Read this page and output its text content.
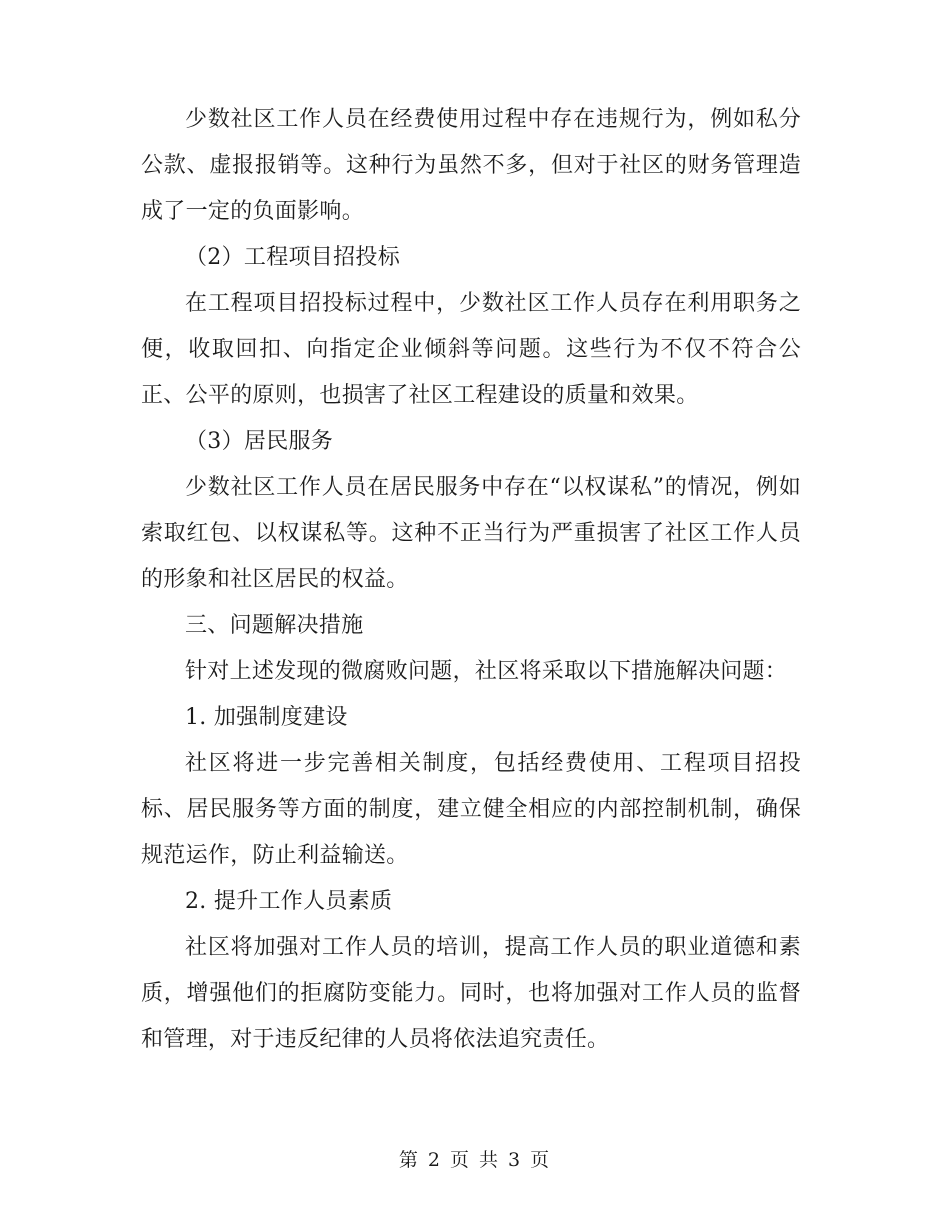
少数社区工作人员在经费使用过程中存在违规行为，例如私分公款、虚报报销等。这种行为虽然不多，但对于社区的财务管理造成了一定的负面影响。

（2）工程项目招投标

在工程项目招投标过程中，少数社区工作人员存在利用职务之便，收取回扣、向指定企业倾斜等问题。这些行为不仅不符合公正、公平的原则，也损害了社区工程建设的质量和效果。

（3）居民服务

少数社区工作人员在居民服务中存在“以权谋私”的情况，例如索取红包、以权谋私等。这种不正当行为严重损害了社区工作人员的形象和社区居民的权益。

三、问题解决措施

针对上述发现的微腐败问题，社区将采取以下措施解决问题：

1. 加强制度建设

社区将进一步完善相关制度，包括经费使用、工程项目招投标、居民服务等方面的制度，建立健全相应的内部控制机制，确保规范运作，防止利益输送。

2. 提升工作人员素质

社区将加强对工作人员的培训，提高工作人员的职业道德和素质，增强他们的拒腐防变能力。同时，也将加强对工作人员的监督和管理，对于违反纪律的人员将依法追究责任。

第 2 页 共 3 页
